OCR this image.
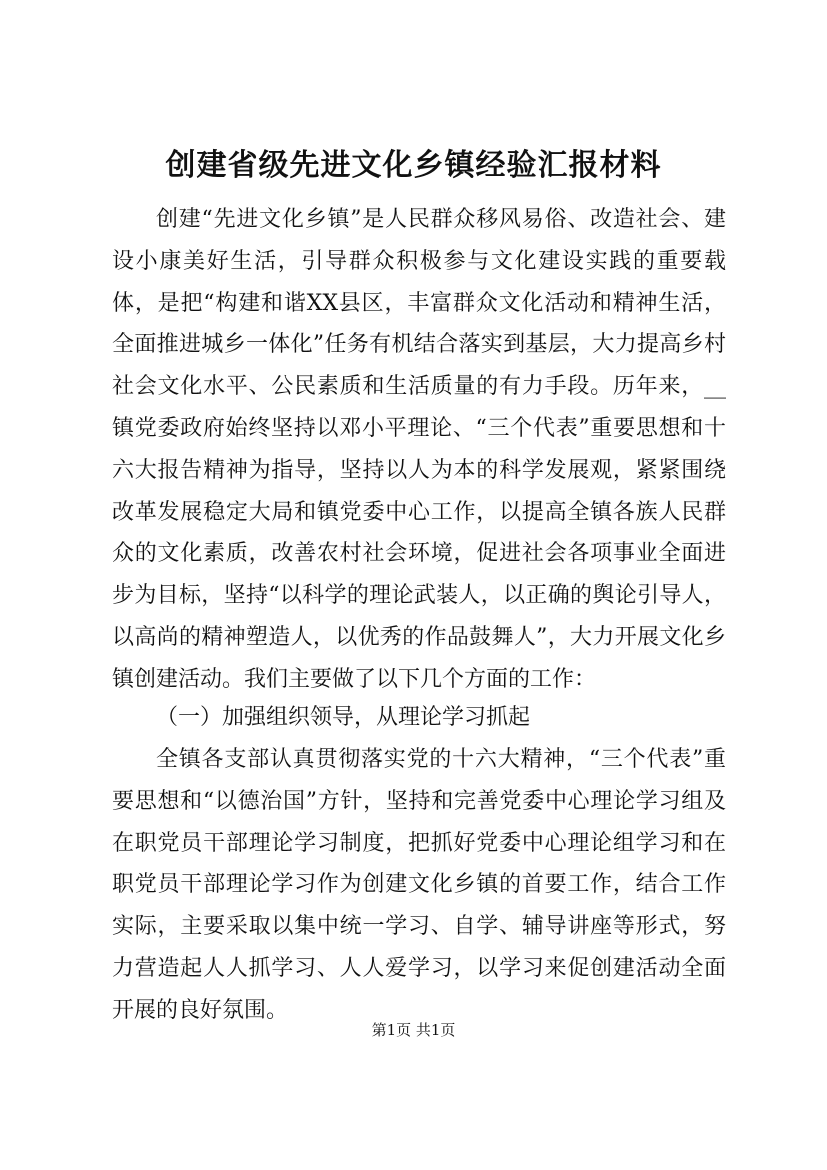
创建省级先进文化乡镇经验汇报材料

创建“先进文化乡镇”是人民群众移风易俗、改造社会、建设小康美好生活，引导群众积极参与文化建设实践的重要载体，是把“构建和谐XX县区，丰富群众文化活动和精神生活，全面推进城乡一体化”任务有机结合落实到基层，大力提高乡村社会文化水平、公民素质和生活质量的有力手段。历年来，__镇党委政府始终坚持以邓小平理论、“三个代表”重要思想和十六大报告精神为指导，坚持以人为本的科学发展观，紧紧围绕改革发展稳定大局和镇党委中心工作，以提高全镇各族人民群众的文化素质，改善农村社会环境，促进社会各项事业全面进步为目标，坚持“以科学的理论武装人，以正确的舆论引导人，以高尚的精神塑造人，以优秀的作品鼓舞人”，大力开展文化乡镇创建活动。我们主要做了以下几个方面的工作：

（一）加强组织领导，从理论学习抓起

全镇各支部认真贯彻落实党的十六大精神，“三个代表”重要思想和“以德治国”方针，坚持和完善党委中心理论学习组及在职党员干部理论学习制度，把抓好党委中心理论组学习和在职党员干部理论学习作为创建文化乡镇的首要工作，结合工作实际，主要采取以集中统一学习、自学、辅导讲座等形式，努力营造起人人抓学习、人人爱学习，以学习来促创建活动全面开展的良好氛围。

第1页 共1页
